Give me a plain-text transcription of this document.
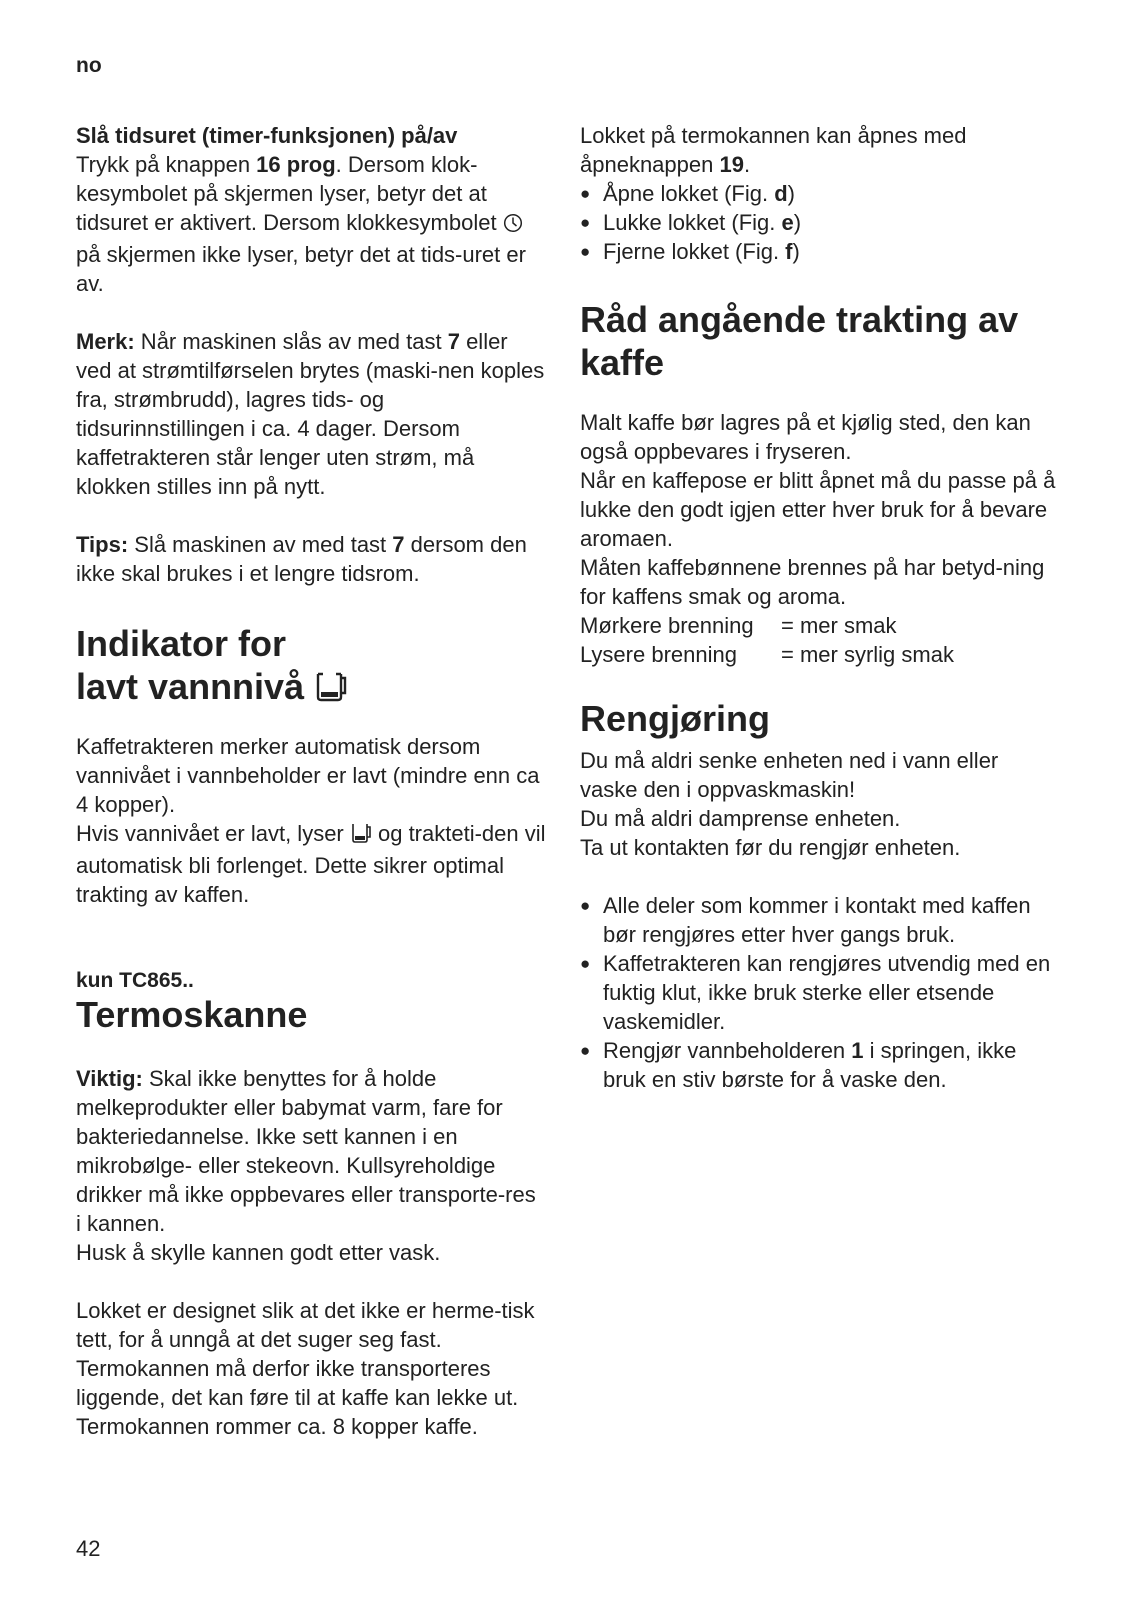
no

Slå tidsuret (timer-funksjonen) på/av

Trykk på knappen 16 prog. Dersom klok-kesymbolet på skjermen lyser, betyr det at tidsuret er aktivert. Dersom klokkesymbolet  på skjermen ikke lyser, betyr det at tids-uret er av.

Merk: Når maskinen slås av med tast 7 eller ved at strømtilførselen brytes (maski-nen koples fra, strømbrudd), lagres tids- og tidsurinnstillingen i ca. 4 dager. Dersom kaffetrakteren står lenger uten strøm, må klokken stilles inn på nytt.

Tips: Slå maskinen av med tast 7 dersom den ikke skal brukes i et lengre tidsrom.

Indikator for
lavt vannnivå

Kaffetrakteren merker automatisk dersom vannivået i vannbeholder er lavt (mindre enn ca 4 kopper).

Hvis vannivået er lavt, lyser  og trakteti-den vil automatisk bli forlenget. Dette sikrer optimal trakting av kaffen.

kun TC865..

Termoskanne

Viktig: Skal ikke benyttes for å holde melkeprodukter eller babymat varm, fare for bakteriedannelse. Ikke sett kannen i en mikrobølge- eller stekeovn. Kullsyreholdige drikker må ikke oppbevares eller transporte-res i kannen.

Husk å skylle kannen godt etter vask.

Lokket er designet slik at det ikke er herme-tisk tett, for å unngå at det suger seg fast. Termokannen må derfor ikke transporteres liggende, det kan føre til at kaffe kan lekke ut. Termokannen rommer ca. 8 kopper kaffe.

Lokket på termokannen kan åpnes med åpneknappen 19.

● Åpne lokket (Fig. d)
● Lukke lokket (Fig. e)
● Fjerne lokket (Fig. f)
Råd angående trakting av kaffe

Malt kaffe bør lagres på et kjølig sted, den kan også oppbevares i fryseren.

Når en kaffepose er blitt åpnet må du passe på å lukke den godt igjen etter hver bruk for å bevare aromaen.

Måten kaffebønnene brennes på har betyd-ning for kaffens smak og aroma.

Mørkere brenning	= mer smak
Lysere brenning	= mer syrlig smak
Rengjøring

Du må aldri senke enheten ned i vann eller vaske den i oppvaskmaskin!

Du må aldri damprense enheten.

Ta ut kontakten før du rengjør enheten.

● Alle deler som kommer i kontakt med kaffen bør rengjøres etter hver gangs bruk.
● Kaffetrakteren kan rengjøres utvendig med en fuktig klut, ikke bruk sterke eller etsende vaskemidler.
● Rengjør vannbeholderen 1 i springen, ikke bruk en stiv børste for å vaske den.
42
